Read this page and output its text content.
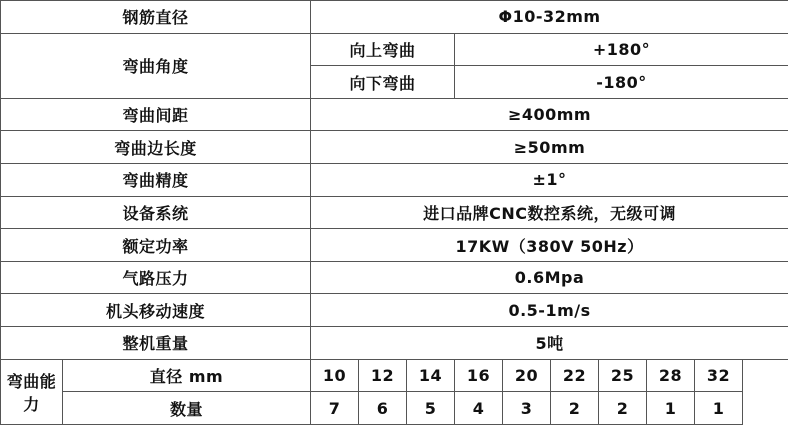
钢筋直径		Φ10-32mm								
弯曲角度		向上弯曲			+180°					
		向下弯曲			-180°					
弯曲间距		≥400mm								
弯曲边长度		≥50mm								
弯曲精度		±1°								
设备系统		进口品牌CNC数控系统，无级可调								
额定功率		17KW（380V 50Hz）								
气路压力		0.6Mpa								
机头移动速度		0.5-1m/s								
整机重量		5吨								
弯曲能力	直径 mm	10	12	14	16	20	22	25	28	32
	数量	7	6	5	4	3	2	2	1	1
